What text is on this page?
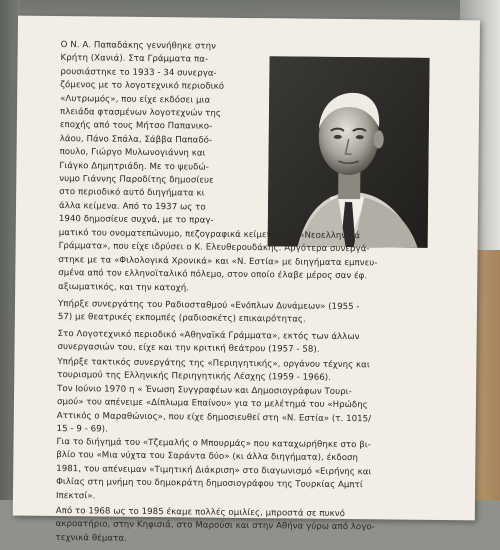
Ο Ν. Α. Παπαδάκης γεννήθηκε στην
Κρήτη (Χανιά). Στα Γράμματα πα-
ρουσιάστηκε το 1933 - 34 συνεργα-
ζόμενος με το λογοτεχνικό περιοδικό
«Λυτρωμός», που είχε εκδόσει μια
πλειάδα φτασμένων λογοτεχνών της
εποχής από τους Μήτσο Παπανικο-
λάου, Πάνο Σπάλα, Σάββα Παπαδό-
πουλο, Γιώργο Μυλωνογιάννη και
Γιάγκο Δημητριάδη. Με το ψευδώ-
νυμο Γιάννης Παροδίτης δημοσίευε
στο περιοδικό αυτό διηγήματα κι
άλλα κείμενα. Από το 1937 ως το
1940 δημοσίευε συχνά, με το πραγ-
ματικό του ονοματεπώνυμο, πεζογραφικά κείμενα στα «Νεοελληνικά
Γράμματα», που είχε ιδρύσει ο Κ. Ελευθερουδάκης. Αργότερα συνεργά-
στηκε με τα «Φιλολογικά Χρονικά» και «Ν. Εστία» με διηγήματα εμπνευ-
σμένα από τον ελληνοϊταλικό πόλεμο, στον οποίο έλαβε μέρος σαν έφ.
αξιωματικός, και την κατοχή.
Υπήρξε συνεργάτης του Ραδιοσταθμού «Ενόπλων Δυνάμεων» (1955 -
57) με θεατρικές εκπομπές (ραδιοσκέτς) επικαιρότητας.
Στο Λογοτεχνικό περιοδικό «Αθηναϊκά Γράμματα», εκτός των άλλων
συνεργασιών του, είχε και την κριτική θεάτρου (1957 - 58).
Υπήρξε τακτικός συνεργάτης της «Περιηγητικής», οργάνου τέχνης και
τουρισμού της Ελληνικής Περιηγητικής Λέσχης (1959 - 1966).
Τον Ιούνιο 1970 η « Ένωση Συγγραφέων και Δημοσιογράφων Τουρι-
σμού» του απένειμε «Δίπλωμα Επαίνου» για το μελέτημά του «Ηρώδης
Αττικός ο Μαραθώνιος», που είχε δημοσιευθεί στη «Ν. Εστία» (τ. 1015/
15 - 9 - 69).
Για το διήγημά του «Τζεμαλής ο Μπουρμάς» που καταχωρήθηκε στο βι-
βλίο του «Μια νύχτα του Σαράντα δύο» (κι άλλα διηγήματα), έκδοση
1981, του απένειμαν «Τιμητική Διάκριση» στο διαγωνισμό «Ειρήνης και
Φιλίας στη μνήμη του δημοκράτη δημοσιογράφου της Τουρκίας Αμπτί
Ιπεκτσί».
Από το 1968 ως το 1985 έκαμε πολλές ομιλίες, μπροστά σε πυκνό
ακροατήριο, στην Κηφισιά, στο Μαρούσι και στην Αθήνα γύρω από λογο-
τεχνικά θέματα.
